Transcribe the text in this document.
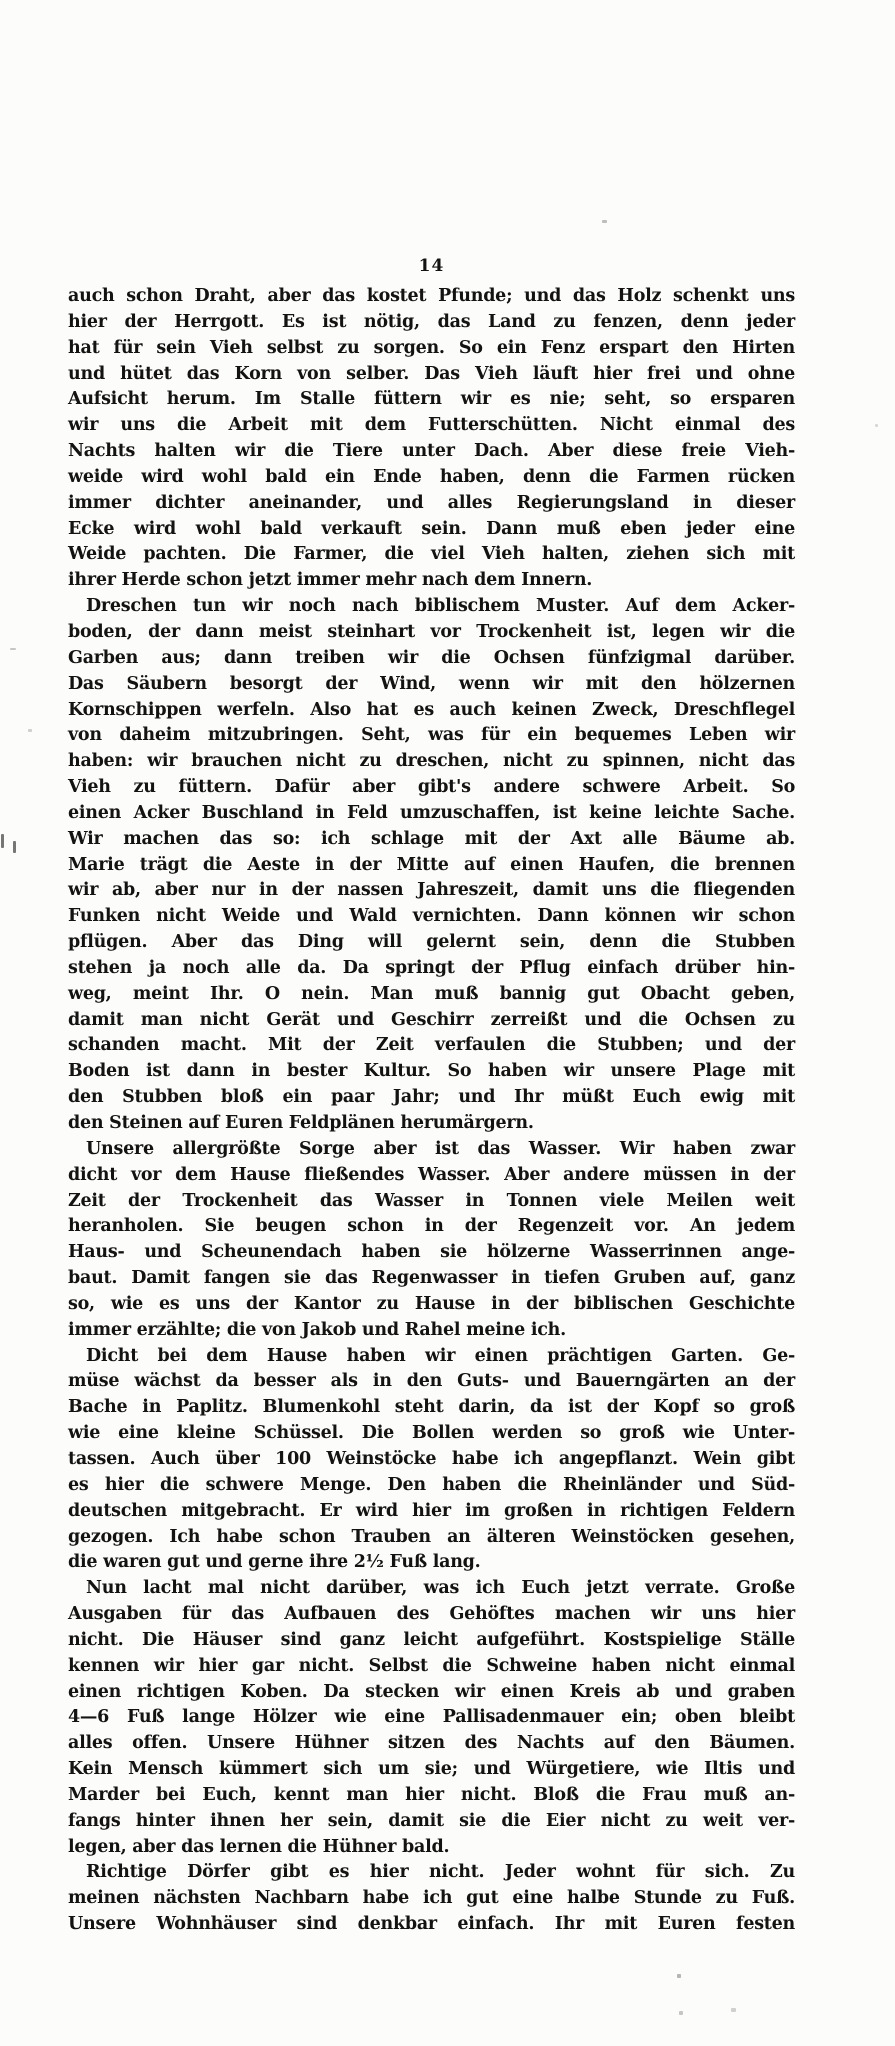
14
auch schon Draht, aber das kostet Pfunde; und das Holz schenkt uns
hier der Herrgott. Es ist nötig, das Land zu fenzen, denn jeder
hat für sein Vieh selbst zu sorgen. So ein Fenz erspart den Hirten
und hütet das Korn von selber. Das Vieh läuft hier frei und ohne
Aufsicht herum. Im Stalle füttern wir es nie; seht, so ersparen
wir uns die Arbeit mit dem Futterschütten. Nicht einmal des
Nachts halten wir die Tiere unter Dach. Aber diese freie Vieh-
weide wird wohl bald ein Ende haben, denn die Farmen rücken
immer dichter aneinander, und alles Regierungsland in dieser
Ecke wird wohl bald verkauft sein. Dann muß eben jeder eine
Weide pachten. Die Farmer, die viel Vieh halten, ziehen sich mit
ihrer Herde schon jetzt immer mehr nach dem Innern.
Dreschen tun wir noch nach biblischem Muster. Auf dem Acker-
boden, der dann meist steinhart vor Trockenheit ist, legen wir die
Garben aus; dann treiben wir die Ochsen fünfzigmal darüber.
Das Säubern besorgt der Wind, wenn wir mit den hölzernen
Kornschippen werfeln. Also hat es auch keinen Zweck, Dreschflegel
von daheim mitzubringen. Seht, was für ein bequemes Leben wir
haben: wir brauchen nicht zu dreschen, nicht zu spinnen, nicht das
Vieh zu füttern. Dafür aber gibt's andere schwere Arbeit. So
einen Acker Buschland in Feld umzuschaffen, ist keine leichte Sache.
Wir machen das so: ich schlage mit der Axt alle Bäume ab.
Marie trägt die Aeste in der Mitte auf einen Haufen, die brennen
wir ab, aber nur in der nassen Jahreszeit, damit uns die fliegenden
Funken nicht Weide und Wald vernichten. Dann können wir schon
pflügen. Aber das Ding will gelernt sein, denn die Stubben
stehen ja noch alle da. Da springt der Pflug einfach drüber hin-
weg, meint Ihr. O nein. Man muß bannig gut Obacht geben,
damit man nicht Gerät und Geschirr zerreißt und die Ochsen zu
schanden macht. Mit der Zeit verfaulen die Stubben; und der
Boden ist dann in bester Kultur. So haben wir unsere Plage mit
den Stubben bloß ein paar Jahr; und Ihr müßt Euch ewig mit
den Steinen auf Euren Feldplänen herumärgern.
Unsere allergrößte Sorge aber ist das Wasser. Wir haben zwar
dicht vor dem Hause fließendes Wasser. Aber andere müssen in der
Zeit der Trockenheit das Wasser in Tonnen viele Meilen weit
heranholen. Sie beugen schon in der Regenzeit vor. An jedem
Haus- und Scheunendach haben sie hölzerne Wasserrinnen ange-
baut. Damit fangen sie das Regenwasser in tiefen Gruben auf, ganz
so, wie es uns der Kantor zu Hause in der biblischen Geschichte
immer erzählte; die von Jakob und Rahel meine ich.
Dicht bei dem Hause haben wir einen prächtigen Garten. Ge-
müse wächst da besser als in den Guts- und Bauerngärten an der
Bache in Paplitz. Blumenkohl steht darin, da ist der Kopf so groß
wie eine kleine Schüssel. Die Bollen werden so groß wie Unter-
tassen. Auch über 100 Weinstöcke habe ich angepflanzt. Wein gibt
es hier die schwere Menge. Den haben die Rheinländer und Süd-
deutschen mitgebracht. Er wird hier im großen in richtigen Feldern
gezogen. Ich habe schon Trauben an älteren Weinstöcken gesehen,
die waren gut und gerne ihre 2½ Fuß lang.
Nun lacht mal nicht darüber, was ich Euch jetzt verrate. Große
Ausgaben für das Aufbauen des Gehöftes machen wir uns hier
nicht. Die Häuser sind ganz leicht aufgeführt. Kostspielige Ställe
kennen wir hier gar nicht. Selbst die Schweine haben nicht einmal
einen richtigen Koben. Da stecken wir einen Kreis ab und graben
4—6 Fuß lange Hölzer wie eine Pallisadenmauer ein; oben bleibt
alles offen. Unsere Hühner sitzen des Nachts auf den Bäumen.
Kein Mensch kümmert sich um sie; und Würgetiere, wie Iltis und
Marder bei Euch, kennt man hier nicht. Bloß die Frau muß an-
fangs hinter ihnen her sein, damit sie die Eier nicht zu weit ver-
legen, aber das lernen die Hühner bald.
Richtige Dörfer gibt es hier nicht. Jeder wohnt für sich. Zu
meinen nächsten Nachbarn habe ich gut eine halbe Stunde zu Fuß.
Unsere Wohnhäuser sind denkbar einfach. Ihr mit Euren festen
